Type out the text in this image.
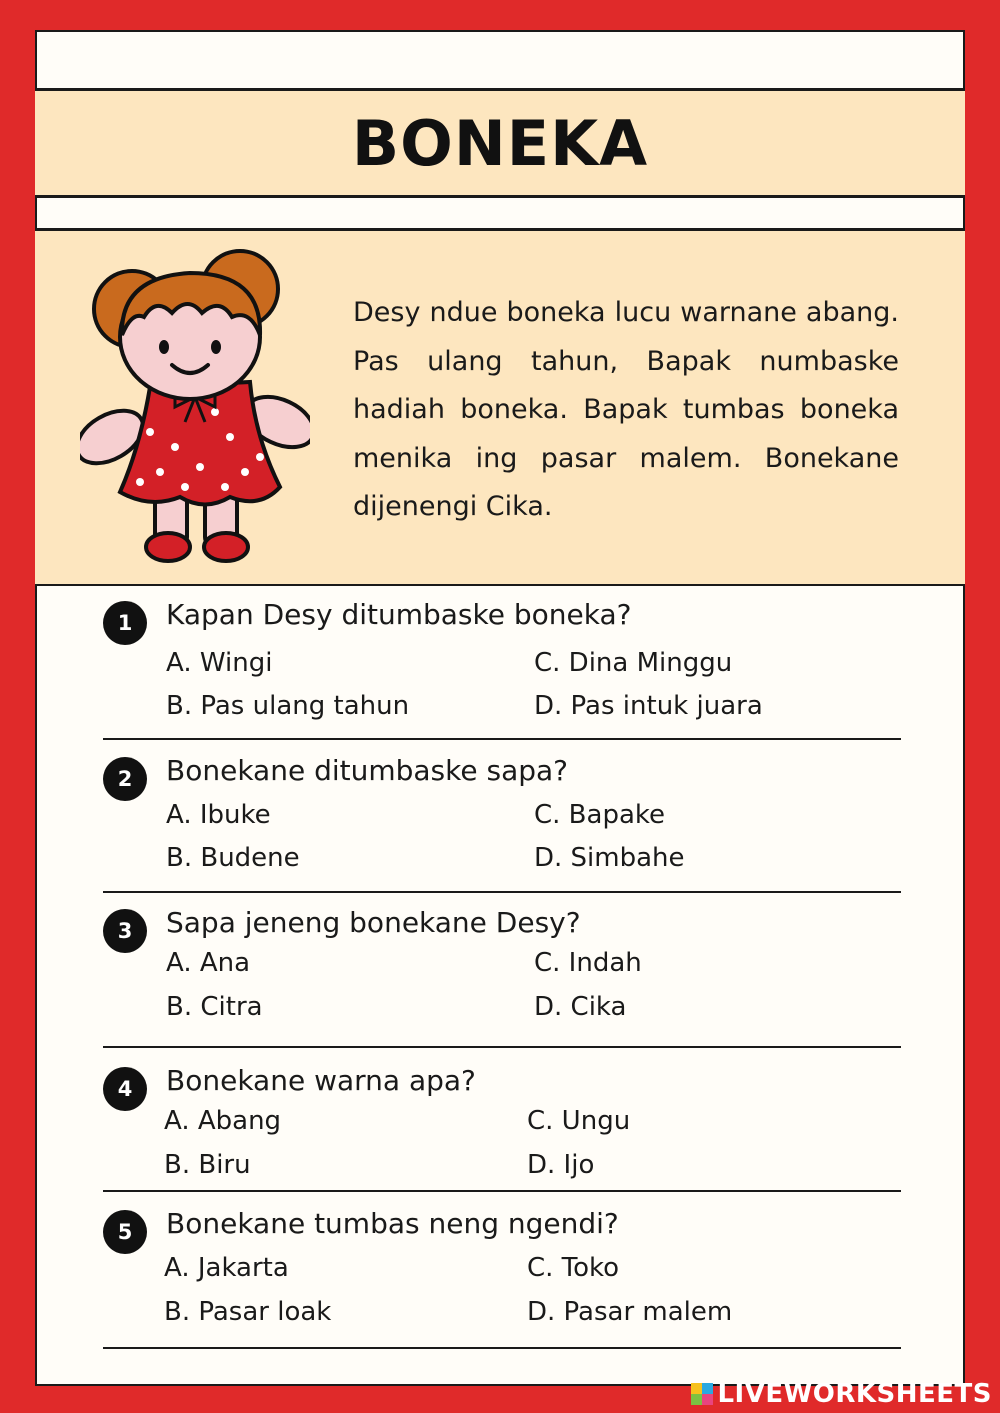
BONEKA

Desy ndue boneka lucu warnane abang. Pas ulang tahun, Bapak numbaske hadiah boneka. Bapak tumbas boneka menika ing pasar malem. Bonekane dijenengi Cika.

1	Kapan Desy ditumbaske boneka?
A. Wingi	C. Dina Minggu
B. Pas ulang tahun	D. Pas intuk juara
2	Bonekane ditumbaske sapa?
A. Ibuke	C. Bapake
B. Budene	D. Simbahe
3	Sapa jeneng bonekane Desy?
A. Ana	C. Indah
B. Citra	D. Cika
4	Bonekane warna apa?
A. Abang	C. Ungu
B. Biru	D. Ijo
5	Bonekane tumbas neng ngendi?
A. Jakarta	C. Toko
B. Pasar loak	D. Pasar malem
LIVEWORKSHEETS
